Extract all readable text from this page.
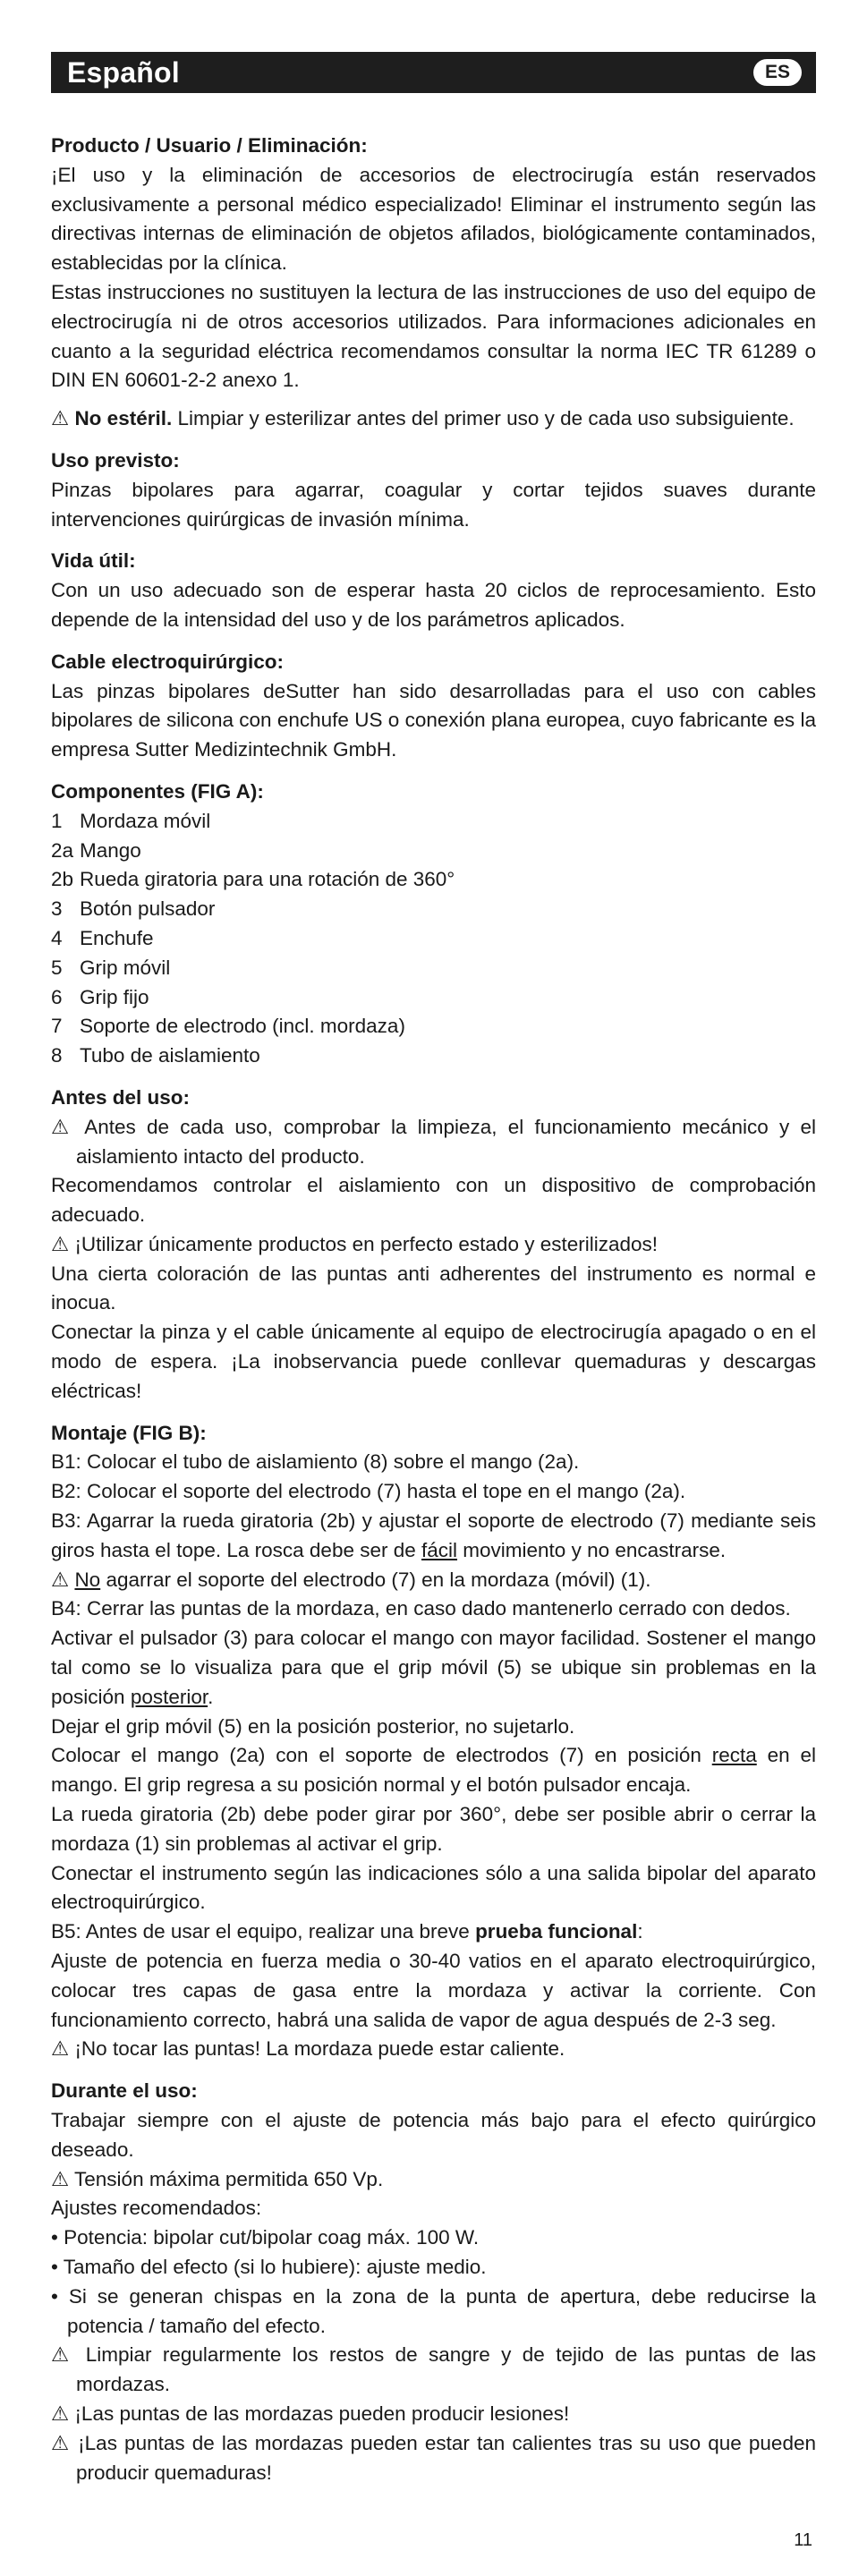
Español	ES
Producto / Usuario / Eliminación:

¡El uso y la eliminación de accesorios de electrocirugía están reservados exclusivamente a personal médico especializado! Eliminar el instrumento según las directivas internas de eliminación de objetos afilados, biológicamente contaminados, establecidas por la clínica.

Estas instrucciones no sustituyen la lectura de las instrucciones de uso del equipo de electrocirugía ni de otros accesorios utilizados. Para informaciones adicionales en cuanto a la seguridad eléctrica recomendamos consultar la norma IEC TR 61289 o DIN EN 60601-2-2 anexo 1.

⚠ No estéril. Limpiar y esterilizar antes del primer uso y de cada uso subsiguiente.

Uso previsto:

Pinzas bipolares para agarrar, coagular y cortar tejidos suaves durante intervenciones quirúrgicas de invasión mínima.

Vida útil:

Con un uso adecuado son de esperar hasta 20 ciclos de reprocesamiento. Esto depende de la intensidad del uso y de los parámetros aplicados.

Cable electroquirúrgico:

Las pinzas bipolares deSutter han sido desarrolladas para el uso con cables bipolares de silicona con enchufe US o conexión plana europea, cuyo fabricante es la empresa Sutter Medizintechnik GmbH.

Componentes (FIG A):
1 Mordaza móvil
2a Mango
2b Rueda giratoria para una rotación de 360°
3 Botón pulsador
4 Enchufe
5 Grip móvil
6 Grip fijo
7 Soporte de electrodo (incl. mordaza)
8 Tubo de aislamiento
Antes del uso:

⚠ Antes de cada uso, comprobar la limpieza, el funcionamiento mecánico y el aislamiento intacto del producto.

Recomendamos controlar el aislamiento con un dispositivo de comprobación adecuado.

⚠ ¡Utilizar únicamente productos en perfecto estado y esterilizados!

Una cierta coloración de las puntas anti adherentes del instrumento es normal e inocua.

Conectar la pinza y el cable únicamente al equipo de electrocirugía apagado o en el modo de espera. ¡La inobservancia puede conllevar quemaduras y descargas eléctricas!

Montaje (FIG B):

B1: Colocar el tubo de aislamiento (8) sobre el mango (2a).

B2: Colocar el soporte del electrodo (7) hasta el tope en el mango (2a).

B3: Agarrar la rueda giratoria (2b) y ajustar el soporte de electrodo (7) mediante seis giros hasta el tope. La rosca debe ser de fácil movimiento y no encastrarse.

⚠ No agarrar el soporte del electrodo (7) en la mordaza (móvil) (1).

B4: Cerrar las puntas de la mordaza, en caso dado mantenerlo cerrado con dedos.

Activar el pulsador (3) para colocar el mango con mayor facilidad. Sostener el mango tal como se lo visualiza para que el grip móvil (5) se ubique sin problemas en la posición posterior.

Dejar el grip móvil (5) en la posición posterior, no sujetarlo.

Colocar el mango (2a) con el soporte de electrodos (7) en posición recta en el mango. El grip regresa a su posición normal y el botón pulsador encaja.

La rueda giratoria (2b) debe poder girar por 360°, debe ser posible abrir o cerrar la mordaza (1) sin problemas al activar el grip.

Conectar el instrumento según las indicaciones sólo a una salida bipolar del aparato electroquirúrgico.

B5: Antes de usar el equipo, realizar una breve prueba funcional:

Ajuste de potencia en fuerza media o 30-40 vatios en el aparato electroquirúrgico, colocar tres capas de gasa entre la mordaza y activar la corriente. Con funcionamiento correcto, habrá una salida de vapor de agua después de 2-3 seg.

⚠ ¡No tocar las puntas! La mordaza puede estar caliente.

Durante el uso:

Trabajar siempre con el ajuste de potencia más bajo para el efecto quirúrgico deseado.

⚠ Tensión máxima permitida 650 Vp.

Ajustes recomendados:

• Potencia: bipolar cut/bipolar coag máx. 100 W.

• Tamaño del efecto (si lo hubiere): ajuste medio.

• Si se generan chispas en la zona de la punta de apertura, debe reducirse la potencia / tamaño del efecto.

⚠ Limpiar regularmente los restos de sangre y de tejido de las puntas de las mordazas.

⚠ ¡Las puntas de las mordazas pueden producir lesiones!

⚠ ¡Las puntas de las mordazas pueden estar tan calientes tras su uso que pueden producir quemaduras!

11
